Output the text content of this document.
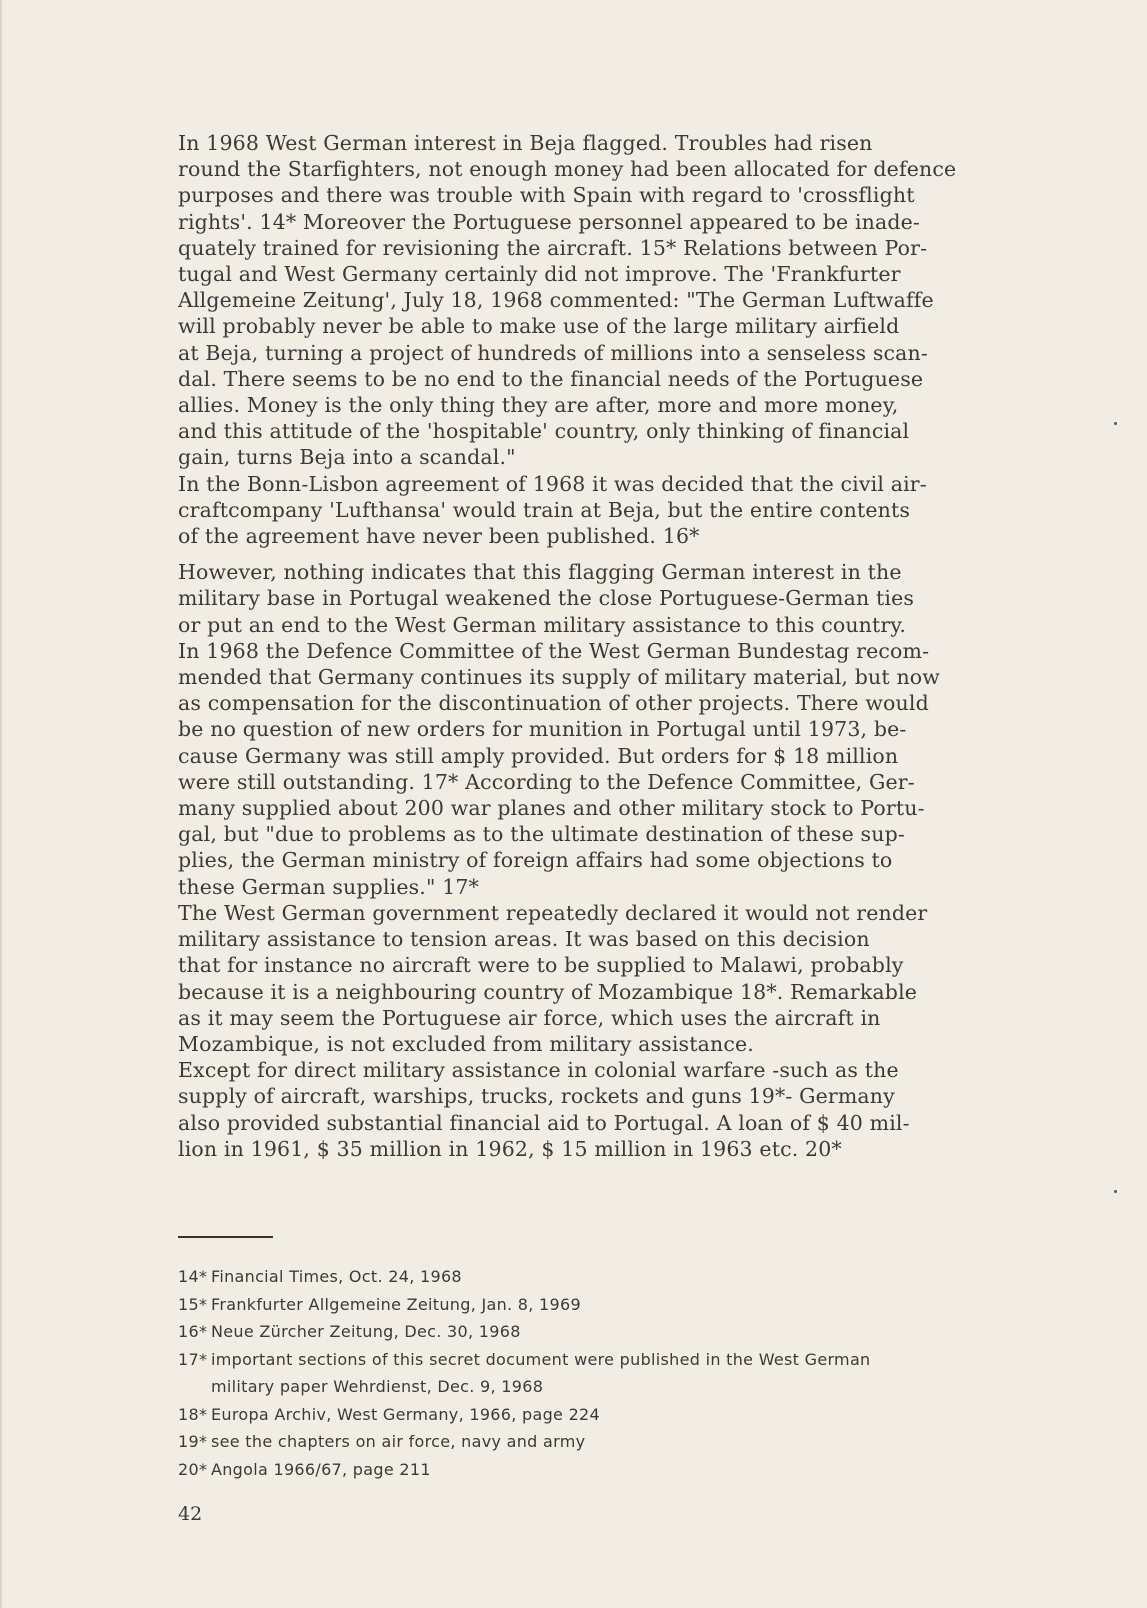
In 1968 West German interest in Beja flagged. Troubles had risen
round the Starfighters, not enough money had been allocated for defence
purposes and there was trouble with Spain with regard to 'crossflight
rights'. 14* Moreover the Portuguese personnel appeared to be inade-
quately trained for revisioning the aircraft. 15* Relations between Por-
tugal and West Germany certainly did not improve. The 'Frankfurter
Allgemeine Zeitung', July 18, 1968 commented: "The German Luftwaffe
will probably never be able to make use of the large military airfield
at Beja, turning a project of hundreds of millions into a senseless scan-
dal. There seems to be no end to the financial needs of the Portuguese
allies. Money is the only thing they are after, more and more money,
and this attitude of the 'hospitable' country, only thinking of financial
gain, turns Beja into a scandal."

In the Bonn-Lisbon agreement of 1968 it was decided that the civil air-
craftcompany 'Lufthansa' would train at Beja, but the entire contents
of the agreement have never been published. 16*

However, nothing indicates that this flagging German interest in the
military base in Portugal weakened the close Portuguese-German ties
or put an end to the West German military assistance to this country.
In 1968 the Defence Committee of the West German Bundestag recom-
mended that Germany continues its supply of military material, but now
as compensation for the discontinuation of other projects. There would
be no question of new orders for munition in Portugal until 1973, be-
cause Germany was still amply provided. But orders for $ 18 million
were still outstanding. 17* According to the Defence Committee, Ger-
many supplied about 200 war planes and other military stock to Portu-
gal, but "due to problems as to the ultimate destination of these sup-
plies, the German ministry of foreign affairs had some objections to
these German supplies." 17*

The West German government repeatedly declared it would not render
military assistance to tension areas. It was based on this decision
that for instance no aircraft were to be supplied to Malawi, probably
because it is a neighbouring country of Mozambique 18*. Remarkable
as it may seem the Portuguese air force, which uses the aircraft in
Mozambique, is not excluded from military assistance.

Except for direct military assistance in colonial warfare -such as the
supply of aircraft, warships, trucks, rockets and guns 19*- Germany
also provided substantial financial aid to Portugal. A loan of $ 40 mil-
lion in 1961, $ 35 million in 1962, $ 15 million in 1963 etc. 20*

14* Financial Times, Oct. 24, 1968
15* Frankfurter Allgemeine Zeitung, Jan. 8, 1969
16* Neue Zürcher Zeitung, Dec. 30, 1968
17* important sections of this secret document were published in the West German
military paper Wehrdienst, Dec. 9, 1968
18* Europa Archiv, West Germany, 1966, page 224
19* see the chapters on air force, navy and army
20* Angola 1966/67, page 211
42
